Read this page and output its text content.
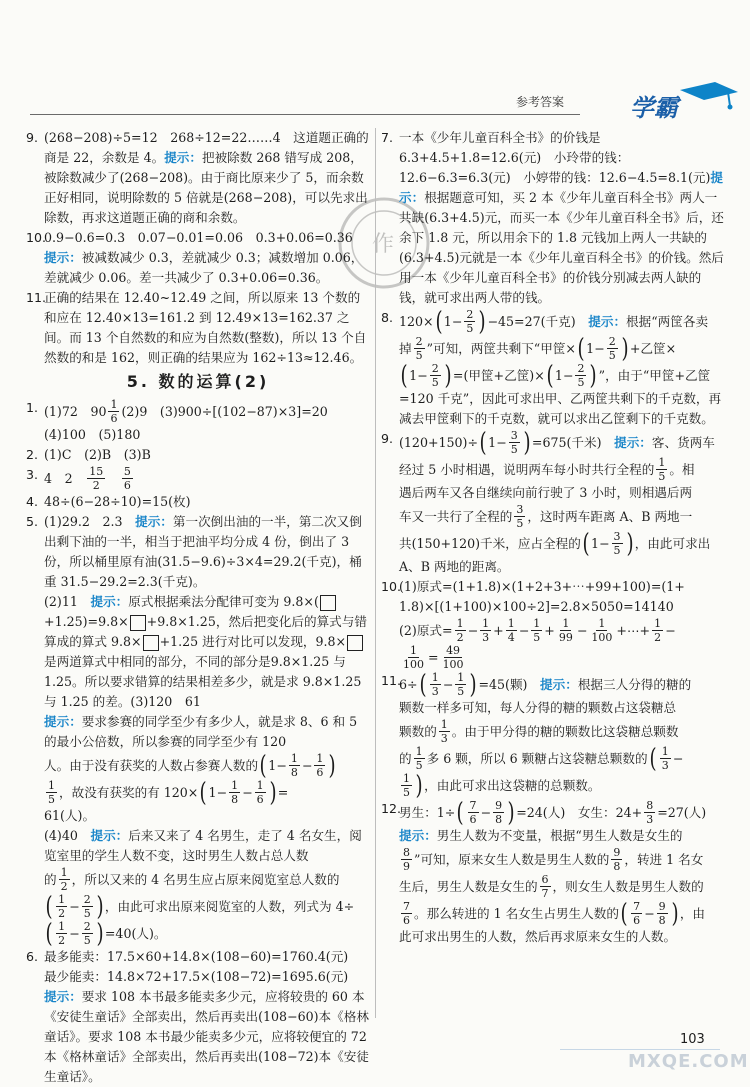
参考答案	学霸
作
9. (268−208)÷5=12　268÷12=22……4　这道题正确的商是 22，余数是 4。提示：把被除数 268 错写成 208，被除数减少了(268−208)。由于商比原来少了 5，而余数正好相同，说明除数的 5 倍就是(268−208)，可以先求出除数，再求这道题正确的商和余数。

10.

0.9−0.6=0.3　0.07−0.01=0.06　0.3+0.06=0.36

提示：被减数减少 0.3，差就减少 0.3；减数增加 0.06，差就减少 0.06。差一共减少了 0.3+0.06=0.36。

11.

正确的结果在 12.40~12.49 之间，所以原来 13 个数的和应在 12.40×13=161.2 到 12.49×13=162.37 之间。而 13 个自然数的和应为自然数(整数)，所以 13 个自然数的和是 162，则正确的结果应为 162÷13≈12.46。

5. 数的运算(2)
1. (1)72　$90 \frac{1}{6} (2)9$　(3)900÷[(102−87)×3]=20
(4)100　(5)180
2. (1)C　(2)B　(3)B
3. 4　2
　 $\frac{15}{2}$
　 $\frac{5}{6}$
4. 48÷(6−28÷10)=15(枚)
5. (1)29.2　2.3　 提示：第一次倒出油的一半，第二次又倒出剩下油的一半，相当于把油平均分成 4 份，倒出了 3 份，所以桶里原有油(31.5−9.6)÷3×4=29.2(千克)，桶重 31.5−29.2=2.3(千克)。

(2)11　提示：原式根据乘法分配律可变为 9.8×(+1.25)=9.8× +9.8×1.25，然后把变化后的算式与错算成的算式 9.8× +1.25 进行对比可以发现，9.8×是两道算式中相同的部分，不同的部分是9.8×1.25 与 1.25。所以要求错算的结果相差多少，就是求 9.8×1.25 与 1.25 的差。(3)120　61

提示：要求参赛的同学至少有多少人，就是求 8、6 和 5 的最小公倍数，所以参赛的同学至少有 120

人。由于没有获奖的人数占参赛人数的 ( $1- \frac{1}{8} - \frac{1}{6}$ )
$\frac{1}{5}$ ，故没有获奖的有 120× ( $1- \frac{1}{8} - \frac{1}{6}$ ) =
61(人)。

(4)40　提示：后来又来了 4 名男生，走了 4 名女生，阅览室里的学生人数不变，这时男生人数占总人数

的 $\frac{1}{2}$ ，所以又来的 4 名男生应占原来阅览室总人数的
( $\frac{1}{2} - \frac{2}{5}$ ) ，由此可求出原来阅览室的人数，列式为 4÷
( $\frac{1}{2} - \frac{2}{5}$ ) =40(人)。
6. 最多能卖：17.5×60+14.8×(108−60)=1760.4(元)
最少能卖：14.8×72+17.5×(108−72)=1695.6(元)

提示：要求 108 本书最多能卖多少元，应将较贵的 60 本《安徒生童话》全部卖出，然后再卖出(108−60)本《格林童话》。要求 108 本书最少能卖多少元，应将较便宜的 72 本《格林童话》全部卖出，然后再卖出(108−72)本《安徒生童话》。

7. 一本《少年儿童百科全书》的价钱是 6.3+4.5+1.8=12.6(元)　小玲带的钱：12.6−6.3=6.3(元)　小婷带的钱：12.6−4.5=8.1(元)提示：根据题意可知，买 2 本《少年儿童百科全书》两人一共缺(6.3+4.5)元，而买一本《少年儿童百科全书》后，还余下 1.8 元，所以用余下的 1.8 元钱加上两人一共缺的(6.3+4.5)元就是一本《少年儿童百科全书》的价钱。然后用一本《少年儿童百科全书》的价钱分别减去两人缺的钱，就可求出两人带的钱。

8. 120× ( $1- \frac{2}{5}$ ) −45=27(千克)
　 提示： 根据“两筐各卖
掉 $\frac{2}{5}$ ”可知，两筐共剩下“甲筐× ( $1- \frac{2}{5}$ ) +乙筐×
( $1- \frac{2}{5}$ ) =(甲筐+乙筐)× ( $1- \frac{2}{5}$ ) ”，由于“甲筐+乙筐

=120 千克”，因此可求出甲、乙两筐共剩下的千克数，再减去甲筐剩下的千克数，就可以求出乙筐剩下的千克数。

9. (120+150)÷ ( $1- \frac{3}{5}$ ) =675(千米)
　 提示： 客、货两车
经过 5 小时相遇，说明两车每小时共行全程的 $\frac{1}{5}$ 。相
遇后两车又各自继续向前行驶了 3 小时，则相遇后两
车又一共行了全程的 $\frac{3}{5}$ ，这时两车距离 A、B 两地一
共(150+120)千米，应占全程的 ( $1- \frac{3}{5}$ ) ，由此可求出
A、B 两地的距离。
10.
(1)原式=(1+1.8)×(1+2+3+⋯+99+100)=(1+
1.8)×[(1+100)×100÷2]=2.8×5050=14140
(2)原式= $\frac{1}{2} - \frac{1}{3} + \frac{1}{4} - \frac{1}{5} + \frac{1}{99} - \frac{1}{100}$ +⋯+ $\frac{1}{2}$ −
$\frac{1}{100} = \frac{49}{100}$
11.
6÷ ( $\frac{1}{3} - \frac{1}{5}$ ) =45(颗)
　 提示： 根据三人分得的糖的
颗数一样多可知，每人分得的糖的颗数占这袋糖总
颗数的 $\frac{1}{3}$ 。由于甲分得的糖的颗数比这袋糖总颗数
的 $\frac{1}{5}$ 多 6 颗，所以 6 颗糖占这袋糖总颗数的 ( $\frac{1}{3}$ −
$\frac{1}{5}$ ) ，由此可求出这袋糖的总颗数。
12.
男生：1÷ ( $\frac{7}{6} - \frac{9}{8}$ ) =24(人)　女生：$24+ \frac{8}{3} =27$(人)
提示： 男生人数为不变量，根据“男生人数是女生的
$\frac{8}{9}$ ”可知，原来女生人数是男生人数的 $\frac{9}{8}$ ，转进 1 名女
生后，男生人数是女生的 $\frac{6}{7}$ ，则女生人数是男生人数的
$\frac{7}{6}$ 。那么转进的 1 名女生占男生人数的 ( $\frac{7}{6} - \frac{9}{8}$ ) ，由
此可求出男生的人数，然后再求原来女生的人数。
103
MXQE.COM
